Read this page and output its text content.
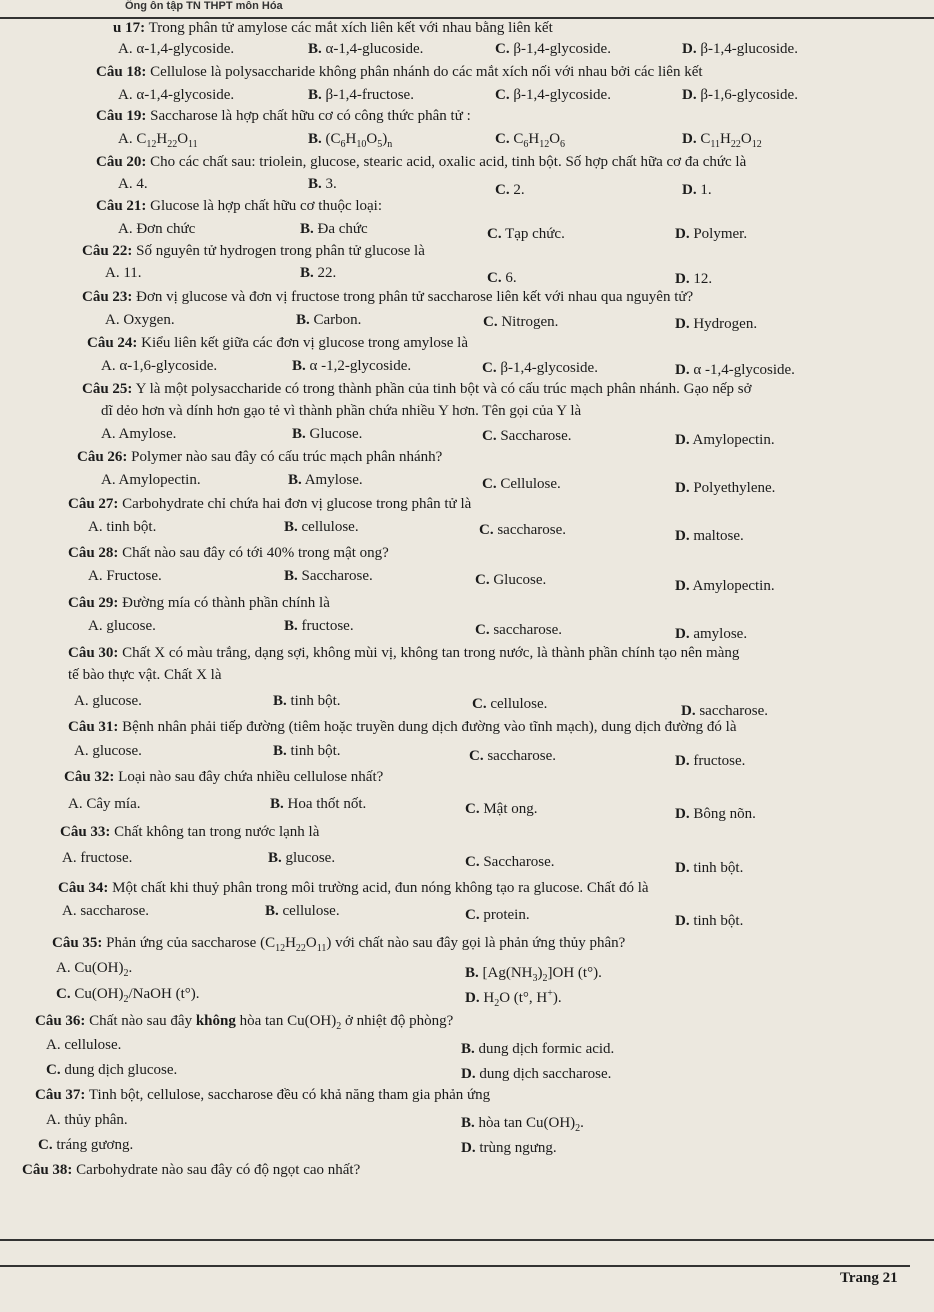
Ông ôn tập TN THPT môn Hóa
u 17: Trong phân tử amylose các mắt xích liên kết với nhau bằng liên kết
A. α-1,4-glycoside.	B. α-1,4-glucoside.	C. β-1,4-glycoside.	D. β-1,4-glucoside.
Câu 18: Cellulose là polysaccharide không phân nhánh do các mắt xích nối với nhau bởi các liên kết
A. α-1,4-glycoside.	B. β-1,4-fructose.	C. β-1,4-glycoside.	D. β-1,6-glycoside.
Câu 19: Saccharose là hợp chất hữu cơ có công thức phân tử :
A. $C_{12}H_{22}O_{11}$	B. $(C_6H_{10}O_5)_n$	C. $C_6H_{12}O_6$	D. $C_{11}H_{22}O_{12}$
Câu 20: Cho các chất sau: triolein, glucose, stearic acid, oxalic acid, tinh bột. Số hợp chất hữa cơ đa chức là
A. 4.	B. 3.	C. 2.	D. 1.
Câu 21: Glucose là hợp chất hữu cơ thuộc loại:
A. Đơn chức	B. Đa chức	C. Tạp chức.	D. Polymer.
Câu 22: Số nguyên tử hydrogen trong phân tử glucose là
A. 11.	B. 22.	C. 6.	D. 12.
Câu 23: Đơn vị glucose và đơn vị fructose trong phân tử saccharose liên kết với nhau qua nguyên tử?
A. Oxygen.	B. Carbon.	C. Nitrogen.	D. Hydrogen.
Câu 24: Kiểu liên kết giữa các đơn vị glucose trong amylose là
A. α-1,6-glycoside.	B. α -1,2-glycoside.	C. β-1,4-glycoside.	D. α -1,4-glycoside.
Câu 25: Y là một polysaccharide có trong thành phần của tinh bột và có cấu trúc mạch phân nhánh. Gạo nếp sở
dĩ dẻo hơn và dính hơn gạo tẻ vì thành phần chứa nhiều Y hơn. Tên gọi của Y là
A. Amylose.	B. Glucose.	C. Saccharose.	D. Amylopectin.
Câu 26: Polymer nào sau đây có cấu trúc mạch phân nhánh?
A. Amylopectin.	B. Amylose.	C. Cellulose.	D. Polyethylene.
Câu 27: Carbohydrate chỉ chứa hai đơn vị glucose trong phân tử là
A. tinh bột.	B. cellulose.	C. saccharose.	D. maltose.
Câu 28: Chất nào sau đây có tới 40% trong mật ong?
A. Fructose.	B. Saccharose.	C. Glucose.	D. Amylopectin.
Câu 29: Đường mía có thành phần chính là
A. glucose.	B. fructose.	C. saccharose.	D. amylose.
Câu 30: Chất X có màu trắng, dạng sợi, không mùi vị, không tan trong nước, là thành phần chính tạo nên màng
tế bào thực vật. Chất X là
A. glucose.	B. tinh bột.	C. cellulose.	D. saccharose.
Câu 31: Bệnh nhân phải tiếp đường (tiêm hoặc truyền dung dịch đường vào tĩnh mạch), dung dịch đường đó là
A. glucose.	B. tinh bột.	C. saccharose.	D. fructose.
Câu 32: Loại nào sau đây chứa nhiều cellulose nhất?
A. Cây mía.	B. Hoa thốt nốt.	C. Mật ong.	D. Bông nõn.
Câu 33: Chất không tan trong nước lạnh là
A. fructose.	B. glucose.	C. Saccharose.	D. tinh bột.
Câu 34: Một chất khi thuỷ phân trong môi trường acid, đun nóng không tạo ra glucose. Chất đó là
A. saccharose.	B. cellulose.	C. protein.	D. tinh bột.
Câu 35: Phản ứng của saccharose $(C_{12}H_{22}O_{11})$ với chất nào sau đây gọi là phản ứng thủy phân?
A. $Cu(OH)_2$.	B. $[Ag(NH_3)_2]OH$ (t°).
C. $Cu(OH)_2$/NaOH (t°).	D. $H_2O$ (t°, H+).
Câu 36: Chất nào sau đây không hòa $\tan Cu(OH)_2$ ở nhiệt độ phòng?
A. cellulose.	B. dung dịch formic acid.
C. dung dịch glucose.	D. dung dịch saccharose.
Câu 37: Tinh bột, cellulose, saccharose đều có khả năng tham gia phản ứng
A. thủy phân.	B. hòa $\tan Cu(OH)_2$.
C. tráng gương.	D. trùng ngưng.
Câu 38: Carbohydrate nào sau đây có độ ngọt cao nhất?
Trang 21
